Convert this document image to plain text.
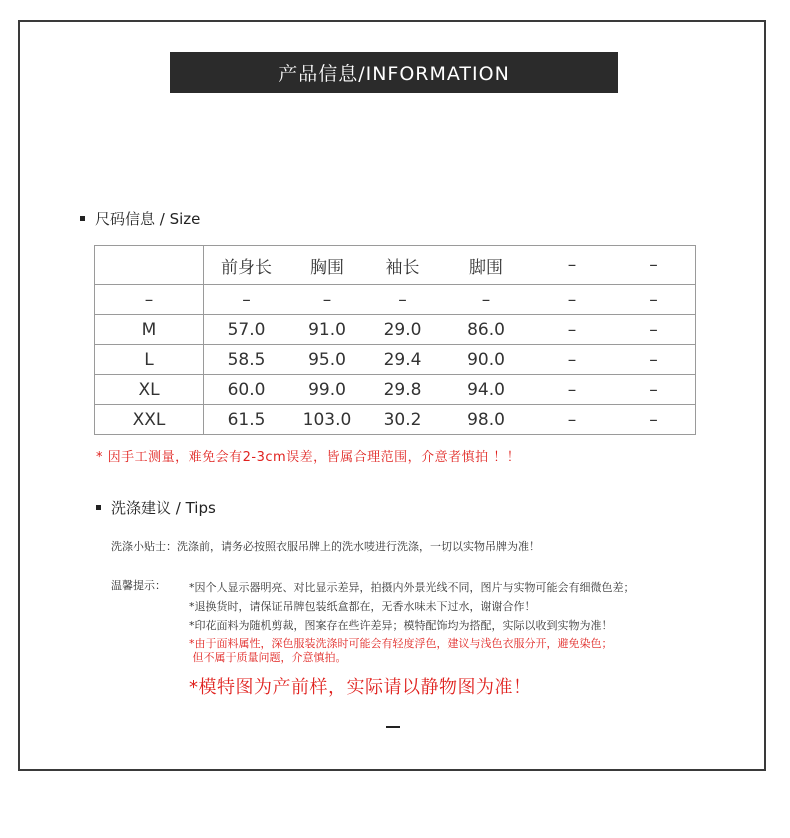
产品信息/INFORMATION
尺码信息 / Size
	前身长	胸围	袖长	脚围	–	–
–	–	–	–	–	–	–
M	57.0	91.0	29.0	86.0	–	–
L	58.5	95.0	29.4	90.0	–	–
XL	60.0	99.0	29.8	94.0	–	–
XXL	61.5	103.0	30.2	98.0	–	–
* 因手工测量，难免会有2-3cm误差，皆属合理范围，介意者慎拍 ！！
洗涤建议 / Tips
洗涤小贴士：洗涤前，请务必按照衣服吊牌上的洗水唛进行洗涤，一切以实物吊牌为准！
温馨提示： *因个人显示器明亮、对比显示差异，拍摄内外景光线不同，图片与实物可能会有细微色差；
*退换货时，请保证吊牌包装纸盒都在，无香水味未下过水，谢谢合作！
*印花面料为随机剪裁，图案存在些许差异；模特配饰均为搭配，实际以收到实物为准！
*由于面料属性，深色服装洗涤时可能会有轻度浮色，建议与浅色衣服分开，避免染色；
但不属于质量问题，介意慎拍。
*模特图为产前样，实际请以静物图为准！
